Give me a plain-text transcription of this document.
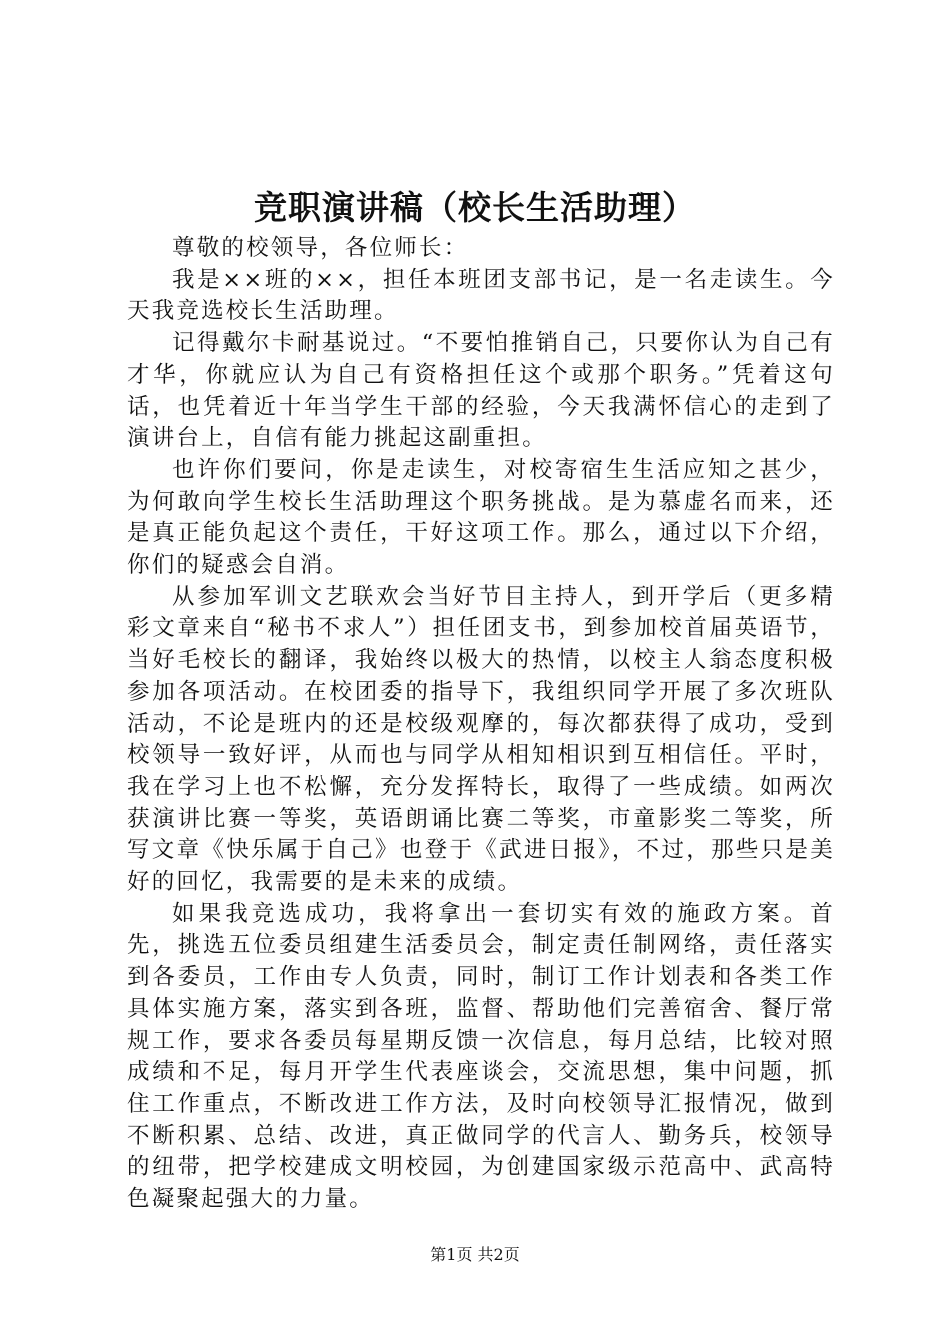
竞职演讲稿（校长生活助理）

尊敬的校领导，各位师长：

我是××班的××，担任本班团支部书记，是一名走读生。今天我竞选校长生活助理。

记得戴尔卡耐基说过。“不要怕推销自己，只要你认为自己有才华，你就应认为自己有资格担任这个或那个职务。”凭着这句话，也凭着近十年当学生干部的经验，今天我满怀信心的走到了演讲台上，自信有能力挑起这副重担。

也许你们要问，你是走读生，对校寄宿生生活应知之甚少，为何敢向学生校长生活助理这个职务挑战。是为慕虚名而来，还是真正能负起这个责任，干好这项工作。那么，通过以下介绍，你们的疑惑会自消。

从参加军训文艺联欢会当好节目主持人，到开学后（更多精彩文章来自“秘书不求人”）担任团支书，到参加校首届英语节，当好毛校长的翻译，我始终以极大的热情，以校主人翁态度积极参加各项活动。在校团委的指导下，我组织同学开展了多次班队活动，不论是班内的还是校级观摩的，每次都获得了成功，受到校领导一致好评，从而也与同学从相知相识到互相信任。平时，我在学习上也不松懈，充分发挥特长，取得了一些成绩。如两次获演讲比赛一等奖，英语朗诵比赛二等奖，市童影奖二等奖，所写文章《快乐属于自己》也登于《武进日报》，不过，那些只是美好的回忆，我需要的是未来的成绩。

如果我竞选成功，我将拿出一套切实有效的施政方案。首先，挑选五位委员组建生活委员会，制定责任制网络，责任落实到各委员，工作由专人负责，同时，制订工作计划表和各类工作具体实施方案，落实到各班，监督、帮助他们完善宿舍、餐厅常规工作，要求各委员每星期反馈一次信息，每月总结，比较对照成绩和不足，每月开学生代表座谈会，交流思想，集中问题，抓住工作重点，不断改进工作方法，及时向校领导汇报情况，做到不断积累、总结、改进，真正做同学的代言人、勤务兵，校领导的纽带，把学校建成文明校园，为创建国家级示范高中、武高特色凝聚起强大的力量。

第1页 共2页
